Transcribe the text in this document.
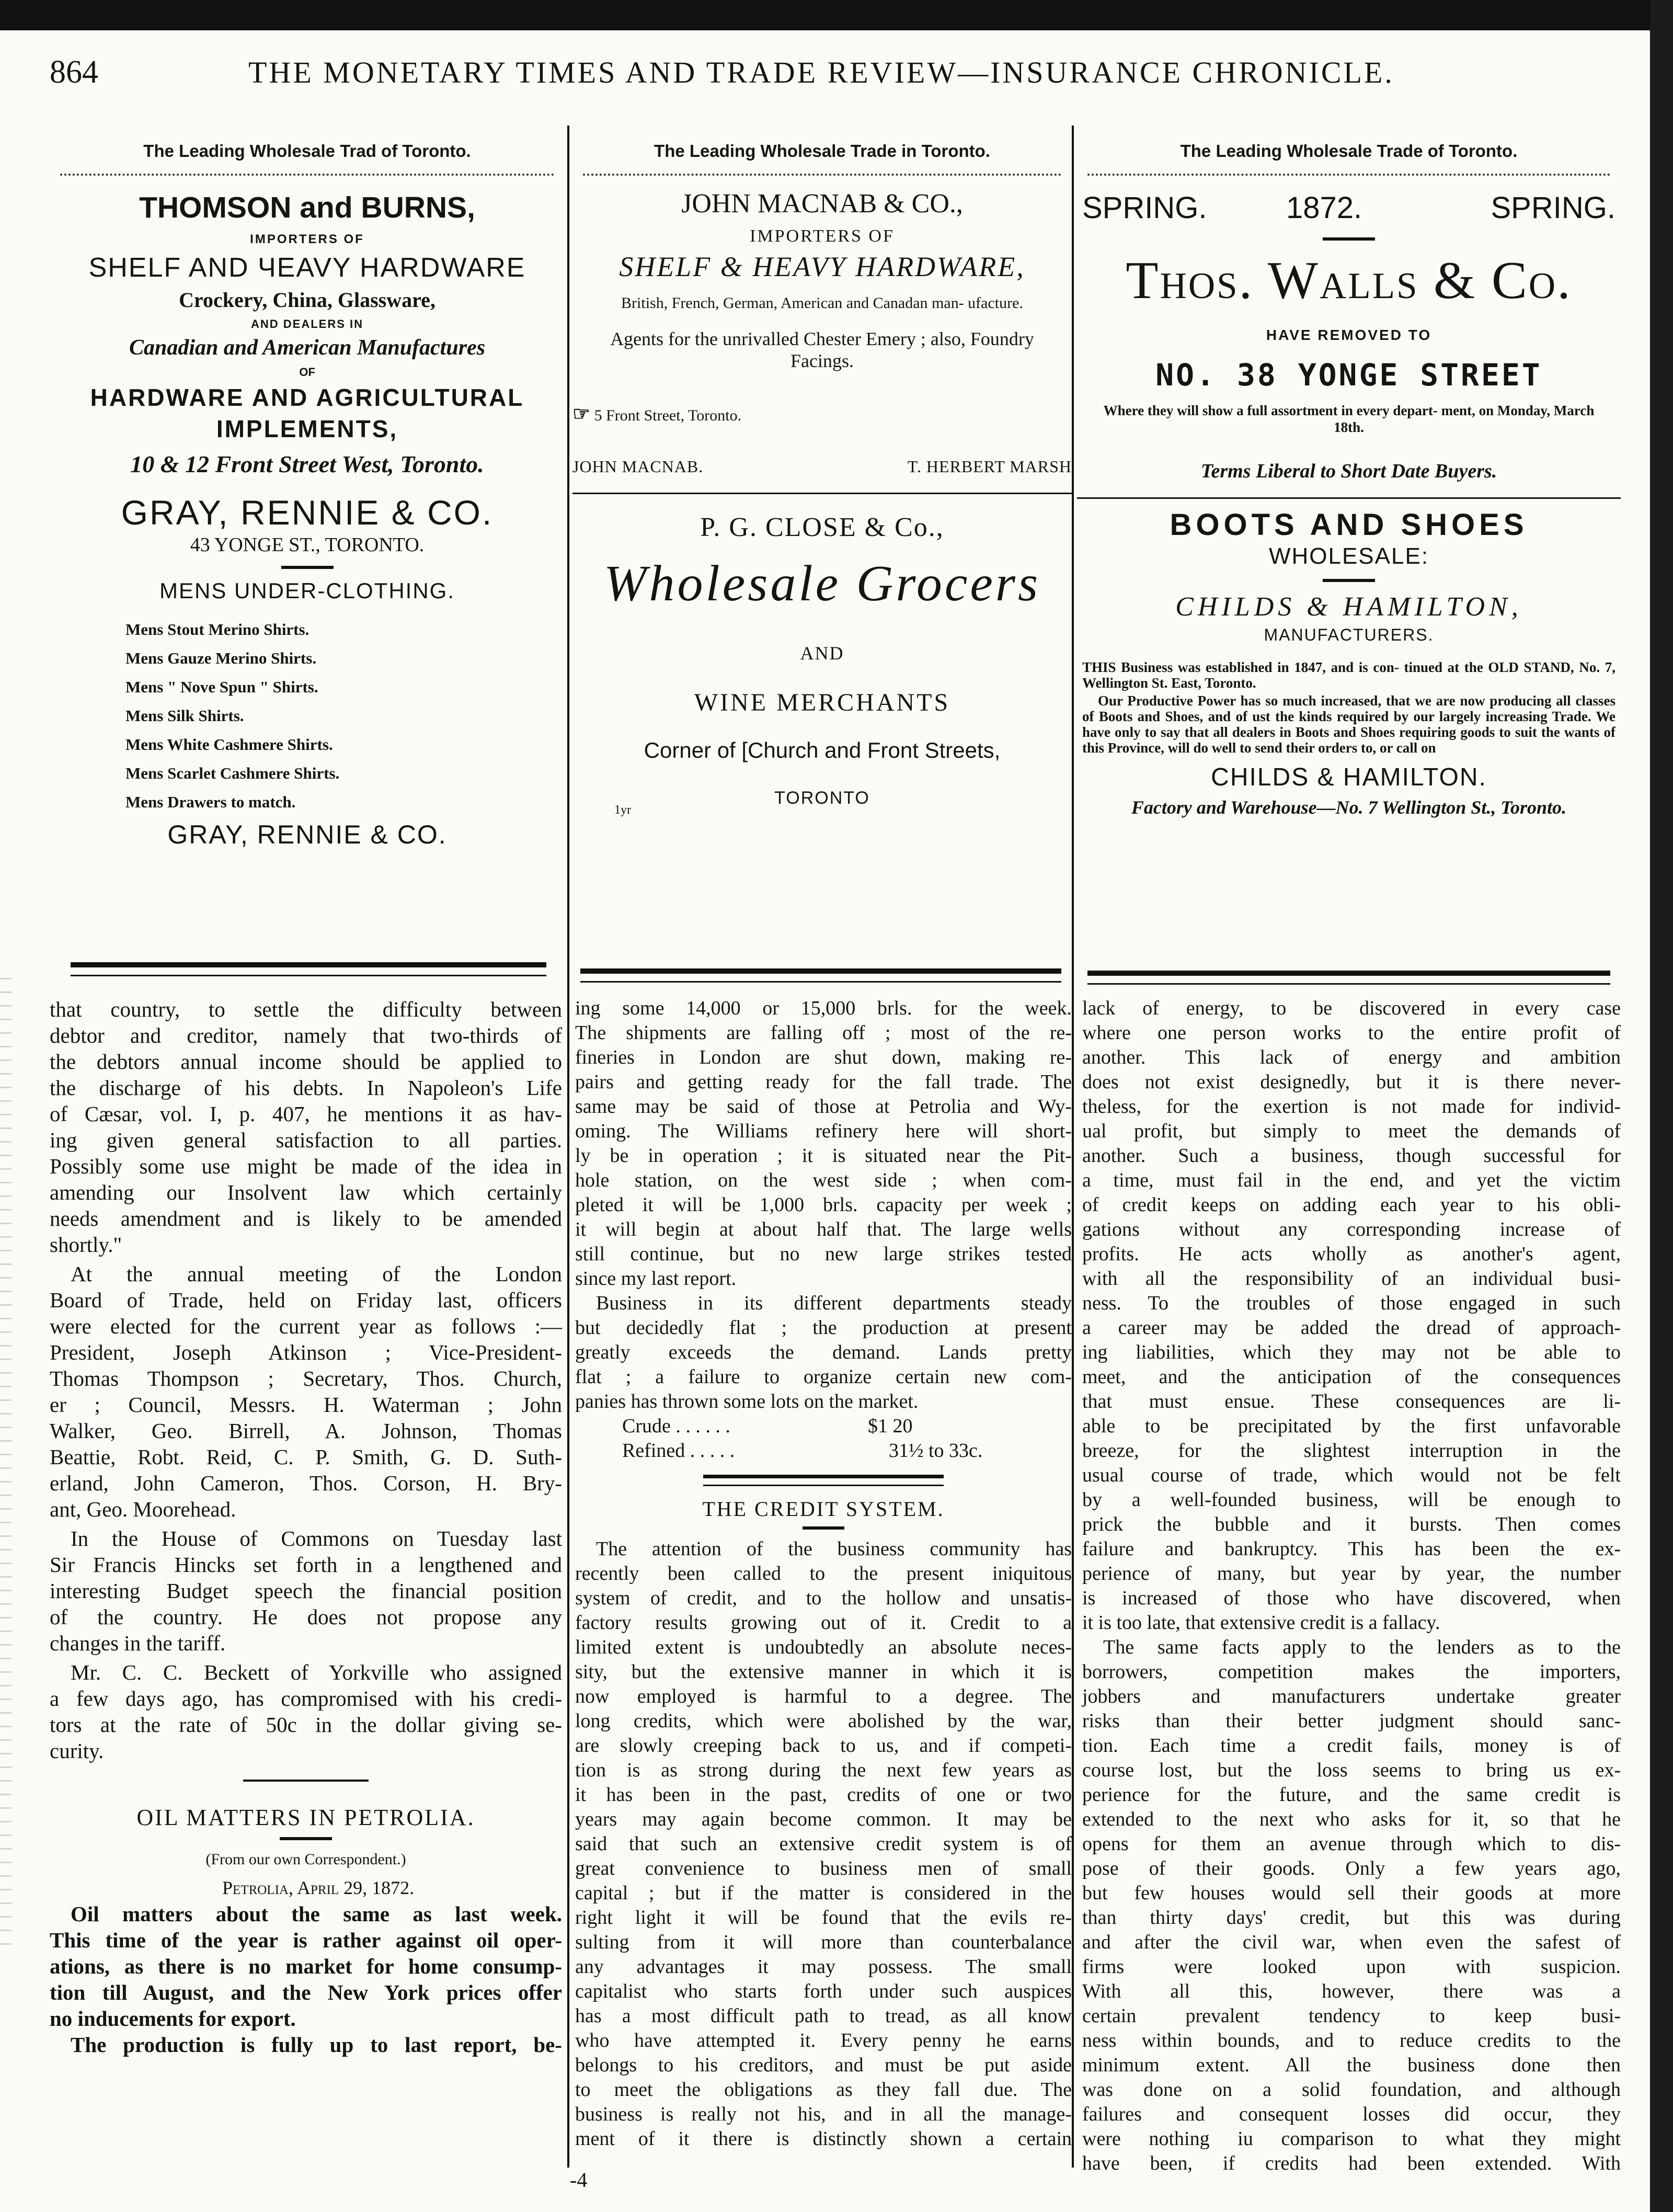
864	THE MONETARY TIMES AND TRADE REVIEW—INSURANCE CHRONICLE.
The Leading Wholesale Trad of Toronto.
THOMSON and BURNS,
IMPORTERS OF
SHELF AND ЧEAVY HARDWARE
Crockery, China, Glassware,
AND DEALERS IN
Canadian and American Manufactures
OF
HARDWARE AND AGRICULTURAL
IMPLEMENTS,
10 & 12 Front Street West, Toronto.
GRAY, RENNIE & CO.
43 YONGE ST., TORONTO.
MENS UNDER-CLOTHING.
Mens Stout Merino Shirts.
Mens Gauze Merino Shirts.
Mens " Nove Spun " Shirts.
Mens Silk Shirts.
Mens White Cashmere Shirts.
Mens Scarlet Cashmere Shirts.
Mens Drawers to match.
GRAY, RENNIE & CO.
The Leading Wholesale Trade in Toronto.
JOHN MACNAB & CO.,
IMPORTERS OF
SHELF & HEAVY HARDWARE,
British, French, German, American and Canadan man- ufacture.
Agents for the unrivalled Chester Emery ; also, Foundry Facings.
☞ 5 Front Street, Toronto.
JOHN MACNAB.	T. HERBERT MARSH
P. G. CLOSE & Co.,
Wholesale Grocers
AND
WINE MERCHANTS
Corner of [Church and Front Streets,
TORONTO
1yr
The Leading Wholesale Trade of Toronto.
SPRING.	1872.	SPRING.
Thos. Walls & Co.
HAVE REMOVED TO
NO. 38 YONGE STREET
Where they will show a full assortment in every depart- ment, on Monday, March 18th.
Terms Liberal to Short Date Buyers.
BOOTS AND SHOES
WHOLESALE:
CHILDS & HAMILTON,
MANUFACTURERS.
THIS Business was established in 1847, and is con- tinued at the OLD STAND, No. 7, Wellington St. East, Toronto.
Our Productive Power has so much increased, that we are now producing all classes of Boots and Shoes, and of ust the kinds required by our largely increasing Trade. We have only to say that all dealers in Boots and Shoes requiring goods to suit the wants of this Province, will do well to send their orders to, or call on
CHILDS & HAMILTON.
Factory and Warehouse—No. 7 Wellington St., Toronto.
that country, to settle the difficulty between
debtor and creditor, namely that two-thirds of
the debtors annual income should be applied to
the discharge of his debts. In Napoleon's Life
of Cæsar, vol. I, p. 407, he mentions it as hav-
ing given general satisfaction to all parties.
Possibly some use might be made of the idea in
amending our Insolvent law which certainly
needs amendment and is likely to be amended
shortly."
At the annual meeting of the London
Board of Trade, held on Friday last, officers
were elected for the current year as follows :—
President, Joseph Atkinson ; Vice-President-
Thomas Thompson ; Secretary, Thos. Church,
er ; Council, Messrs. H. Waterman ; John
Walker, Geo. Birrell, A. Johnson, Thomas
Beattie, Robt. Reid, C. P. Smith, G. D. Suth-
erland, John Cameron, Thos. Corson, H. Bry-
ant, Geo. Moorehead.
In the House of Commons on Tuesday last
Sir Francis Hincks set forth in a lengthened and
interesting Budget speech the financial position
of the country. He does not propose any
changes in the tariff.
Mr. C. C. Beckett of Yorkville who assigned
a few days ago, has compromised with his credi-
tors at the rate of 50c in the dollar giving se-
curity.
OIL MATTERS IN PETROLIA.
(From our own Correspondent.)
Petrolia, April 29, 1872.
Oil matters about the same as last week.
This time of the year is rather against oil oper-
ations, as there is no market for home consump-
tion till August, and the New York prices offer
no inducements for export.
The production is fully up to last report, be-
ing some 14,000 or 15,000 brls. for the week.
The shipments are falling off ; most of the re-
fineries in London are shut down, making re-
pairs and getting ready for the fall trade. The
same may be said of those at Petrolia and Wy-
oming. The Williams refinery here will short-
ly be in operation ; it is situated near the Pit-
hole station, on the west side ; when com-
pleted it will be 1,000 brls. capacity per week ;
it will begin at about half that. The large wells
still continue, but no new large strikes tested
since my last report.
Business in its different departments steady
but decidedly flat ; the production at present
greatly exceeds the demand. Lands pretty
flat ; a failure to organize certain new com-
panies has thrown some lots on the market.
Crude . . . . . .	$1 20
Refined . . . . .	31½ to 33c.
THE CREDIT SYSTEM.
The attention of the business community has
recently been called to the present iniquitous
system of credit, and to the hollow and unsatis-
factory results growing out of it. Credit to a
limited extent is undoubtedly an absolute neces-
sity, but the extensive manner in which it is
now employed is harmful to a degree. The
long credits, which were abolished by the war,
are slowly creeping back to us, and if competi-
tion is as strong during the next few years as
it has been in the past, credits of one or two
years may again become common. It may be
said that such an extensive credit system is of
great convenience to business men of small
capital ; but if the matter is considered in the
right light it will be found that the evils re-
sulting from it will more than counterbalance
any advantages it may possess. The small
capitalist who starts forth under such auspices
has a most difficult path to tread, as all know
who have attempted it. Every penny he earns
belongs to his creditors, and must be put aside
to meet the obligations as they fall due. The
business is really not his, and in all the manage-
ment of it there is distinctly shown a certain
lack of energy, to be discovered in every case
where one person works to the entire profit of
another. This lack of energy and ambition
does not exist designedly, but it is there never-
theless, for the exertion is not made for individ-
ual profit, but simply to meet the demands of
another. Such a business, though successful for
a time, must fail in the end, and yet the victim
of credit keeps on adding each year to his obli-
gations without any corresponding increase of
profits. He acts wholly as another's agent,
with all the responsibility of an individual busi-
ness. To the troubles of those engaged in such
a career may be added the dread of approach-
ing liabilities, which they may not be able to
meet, and the anticipation of the consequences
that must ensue. These consequences are li-
able to be precipitated by the first unfavorable
breeze, for the slightest interruption in the
usual course of trade, which would not be felt
by a well-founded business, will be enough to
prick the bubble and it bursts. Then comes
failure and bankruptcy. This has been the ex-
perience of many, but year by year, the number
is increased of those who have discovered, when
it is too late, that extensive credit is a fallacy.
The same facts apply to the lenders as to the
borrowers, competition makes the importers,
jobbers and manufacturers undertake greater
risks than their better judgment should sanc-
tion. Each time a credit fails, money is of
course lost, but the loss seems to bring us ex-
perience for the future, and the same credit is
extended to the next who asks for it, so that he
opens for them an avenue through which to dis-
pose of their goods. Only a few years ago,
but few houses would sell their goods at more
than thirty days' credit, but this was during
and after the civil war, when even the safest of
firms were looked upon with suspicion.
With all this, however, there was a
certain prevalent tendency to keep busi-
ness within bounds, and to reduce credits to the
minimum extent. All the business done then
was done on a solid foundation, and although
failures and consequent losses did occur, they
were nothing iu comparison to what they might
have been, if credits had been extended. With
-4
